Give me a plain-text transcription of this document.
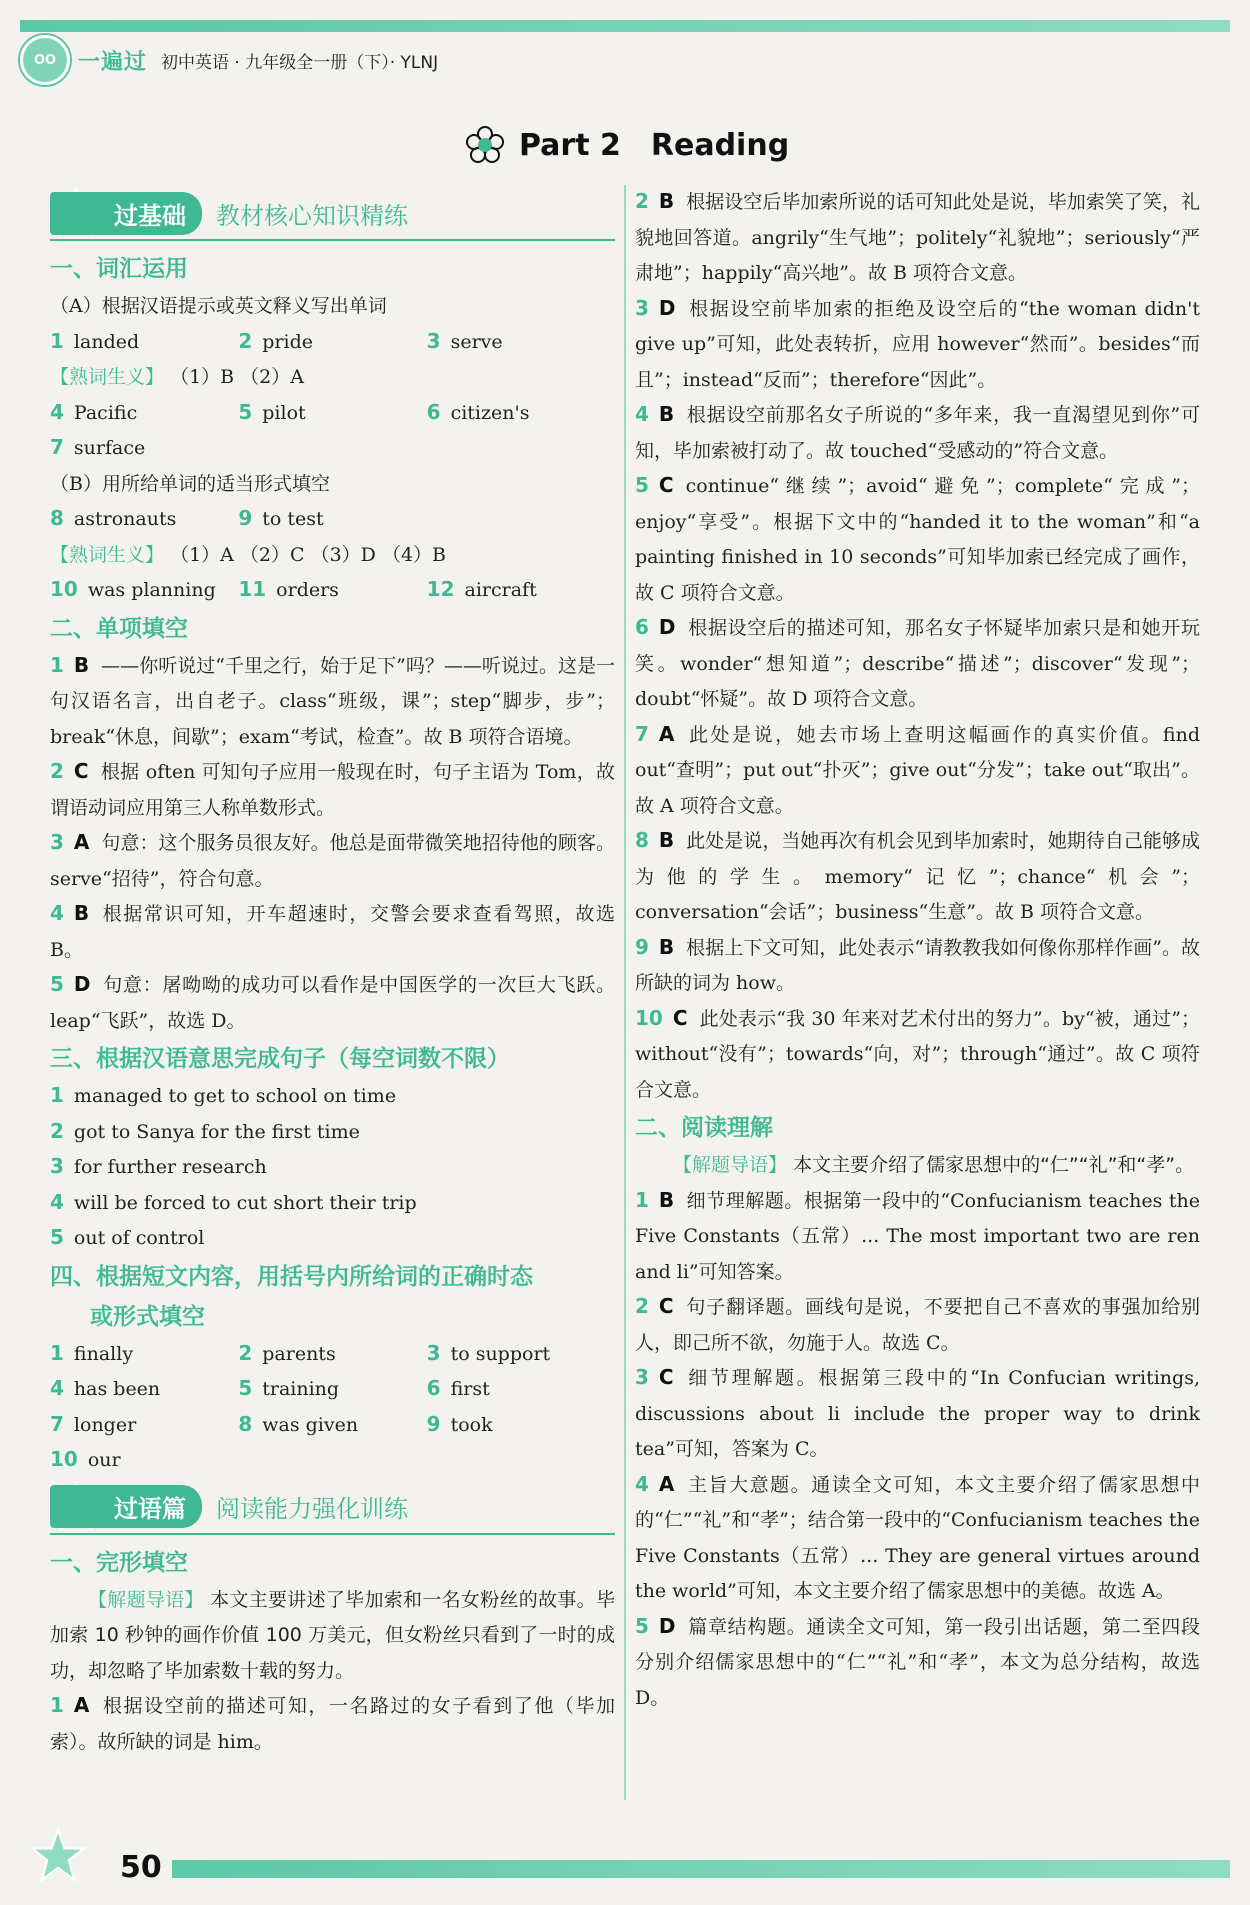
OO 一遍过 初中英语 · 九年级全一册（下）· YLNJ
Part 2 Reading
过基础	教材核心知识精练
一、词汇运用
（A）根据汉语提示或英文释义写出单词
1 landed	2 pride	3 serve
【熟词生义】 （1）B （2）A
4 Pacific	5 pilot	6 citizen's
7 surface
（B）用所给单词的适当形式填空
8 astronauts	9 to test
【熟词生义】 （1）A （2）C （3）D （4）B
10 was planning	11 orders	12 aircraft
二、单项填空
1 B ——你听说过“千里之行，始于足下”吗？——听说过。这是一句汉语名言，出自老子。class“班级，课”；step“脚步，步”；break“休息，间歇”；exam“考试，检查”。故 B 项符合语境。
2 C 根据 often 可知句子应用一般现在时，句子主语为 Tom，故谓语动词应用第三人称单数形式。
3 A 句意：这个服务员很友好。他总是面带微笑地招待他的顾客。serve“招待”，符合句意。
4 B 根据常识可知，开车超速时，交警会要求查看驾照，故选 B。
5 D 句意：屠呦呦的成功可以看作是中国医学的一次巨大飞跃。leap“飞跃”，故选 D。
三、根据汉语意思完成句子（每空词数不限）
1 managed to get to school on time
2 got to Sanya for the first time
3 for further research
4 will be forced to cut short their trip
5 out of control
四、根据短文内容，用括号内所给词的正确时态
或形式填空
1 finally	2 parents	3 to support
4 has been	5 training	6 first
7 longer	8 was given	9 took
10 our
过语篇	阅读能力强化训练
一、完形填空
【解题导语】 本文主要讲述了毕加索和一名女粉丝的故事。毕加索 10 秒钟的画作价值 100 万美元，但女粉丝只看到了一时的成功，却忽略了毕加索数十载的努力。
1 A 根据设空前的描述可知，一名路过的女子看到了他（毕加索）。故所缺的词是 him。
2 B 根据设空后毕加索所说的话可知此处是说，毕加索笑了笑，礼貌地回答道。angrily“生气地”；politely“礼貌地”；seriously“严肃地”；happily“高兴地”。故 B 项符合文意。
3 D 根据设空前毕加索的拒绝及设空后的“the woman didn't give up”可知，此处表转折，应用 however“然而”。besides“而且”；instead“反而”；therefore“因此”。
4 B 根据设空前那名女子所说的“多年来，我一直渴望见到你”可知，毕加索被打动了。故 touched“受感动的”符合文意。
5 C continue“继续”；avoid“避免”；complete“完成”；enjoy“享受”。根据下文中的“handed it to the woman”和“a painting finished in 10 seconds”可知毕加索已经完成了画作，故 C 项符合文意。
6 D 根据设空后的描述可知，那名女子怀疑毕加索只是和她开玩笑。wonder“想知道”；describe“描述”；discover“发现”；doubt“怀疑”。故 D 项符合文意。
7 A 此处是说，她去市场上查明这幅画作的真实价值。find out“查明”；put out“扑灭”；give out“分发”；take out“取出”。故 A 项符合文意。
8 B 此处是说，当她再次有机会见到毕加索时，她期待自己能够成为他的学生。memory“记忆”；chance“机会”；conversation“会话”；business“生意”。故 B 项符合文意。
9 B 根据上下文可知，此处表示“请教教我如何像你那样作画”。故所缺的词为 how。
10 C 此处表示“我 30 年来对艺术付出的努力”。by“被，通过”；without“没有”；towards“向，对”；through“通过”。故 C 项符合文意。
二、阅读理解
【解题导语】 本文主要介绍了儒家思想中的“仁”“礼”和“孝”。
1 B 细节理解题。根据第一段中的“Confucianism teaches the Five Constants（五常）... The most important two are ren and li”可知答案。
2 C 句子翻译题。画线句是说，不要把自己不喜欢的事强加给别人，即己所不欲，勿施于人。故选 C。
3 C 细节理解题。根据第三段中的“In Confucian writings, discussions about li include the proper way to drink tea”可知，答案为 C。
4 A 主旨大意题。通读全文可知，本文主要介绍了儒家思想中的“仁”“礼”和“孝”；结合第一段中的“Confucianism teaches the Five Constants（五常）... They are general virtues around the world”可知，本文主要介绍了儒家思想中的美德。故选 A。
5 D 篇章结构题。通读全文可知，第一段引出话题，第二至四段分别介绍儒家思想中的“仁”“礼”和“孝”，本文为总分结构，故选 D。
50
